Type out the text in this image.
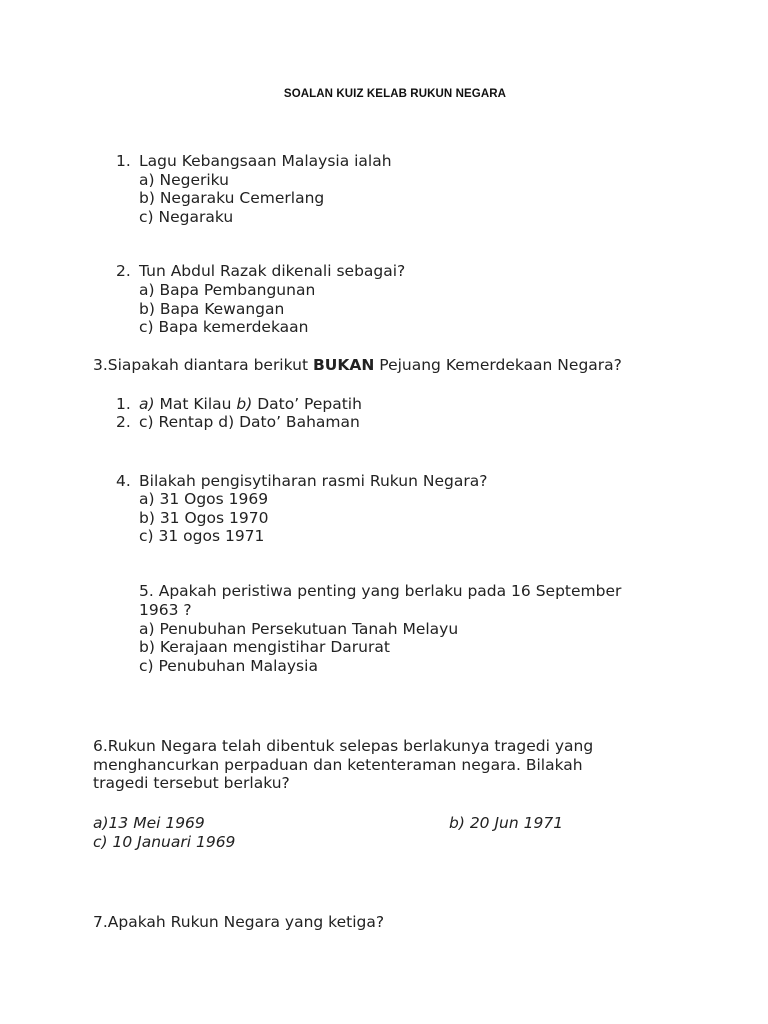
SOALAN KUIZ KELAB RUKUN NEGARA
1. Lagu Kebangsaan Malaysia ialah
a) Negeriku
b) Negaraku Cemerlang
c) Negaraku
2. Tun Abdul Razak dikenali sebagai?
a) Bapa Pembangunan
b) Bapa Kewangan
c) Bapa kemerdekaan
3.Siapakah diantara berikut BUKAN Pejuang Kemerdekaan Negara?
1. a) Mat Kilau b) Dato’ Pepatih
2. c) Rentap d) Dato’ Bahaman
4. Bilakah pengisytiharan rasmi Rukun Negara?
a) 31 Ogos 1969
b) 31 Ogos 1970
c) 31 ogos 1971
5. Apakah peristiwa penting yang berlaku pada 16 September
1963 ?
a) Penubuhan Persekutuan Tanah Melayu
b) Kerajaan mengistihar Darurat
c) Penubuhan Malaysia
6.Rukun Negara telah dibentuk selepas berlakunya tragedi yang
menghancurkan perpaduan dan ketenteraman negara. Bilakah
tragedi tersebut berlaku?
a)13 Mei 1969	b) 20 Jun 1971
c) 10 Januari 1969
7.Apakah Rukun Negara yang ketiga?
